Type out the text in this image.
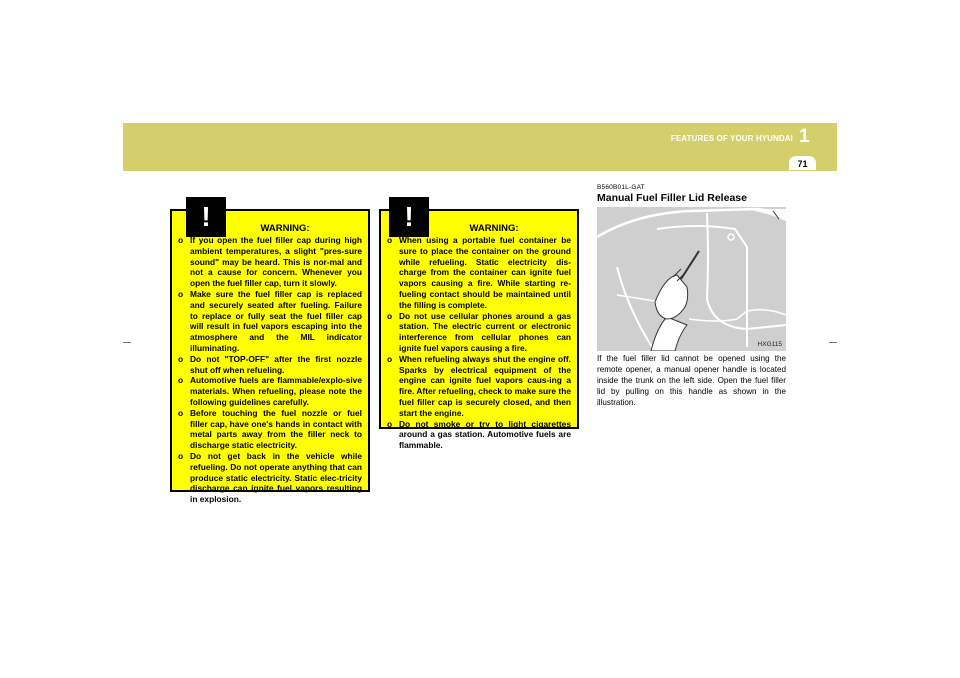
FEATURES OF YOUR HYUNDAI 1
71
!	WARNING:
o If you open the fuel filler cap during high ambient temperatures, a slight "pres-sure sound" may be heard. This is nor-mal and not a cause for concern. Whenever you open the fuel filler cap, turn it slowly.
o Make sure the fuel filler cap is replaced and securely seated after fueling. Failure to replace or fully seat the fuel filler cap will result in fuel vapors escaping into the atmosphere and the MIL indicator illuminating.
o Do not "TOP-OFF" after the first nozzle shut off when refueling.
o Automotive fuels are flammable/explo-sive materials. When refueling, please note the following guidelines carefully.
o Before touching the fuel nozzle or fuel filler cap, have one's hands in contact with metal parts away from the filler neck to discharge static electricity.
o Do not get back in the vehicle while refueling. Do not operate anything that can produce static electricity. Static elec-tricity discharge can ignite fuel vapors resulting in explosion.
!	WARNING:
o When using a portable fuel container be sure to place the container on the ground while refueling. Static electricity dis-charge from the container can ignite fuel vapors causing a fire. While starting re-fueling contact should be maintained until the filling is complete.
o Do not use cellular phones around a gas station. The electric current or electronic interference from cellular phones can ignite fuel vapors causing a fire.
o When refueling always shut the engine off. Sparks by electrical equipment of the engine can ignite fuel vapors caus-ing a fire. After refueling, check to make sure the fuel filler cap is securely closed, and then start the engine.
o Do not smoke or try to light cigarettes around a gas station. Automotive fuels are flammable.
B560B01L-GAT
Manual Fuel Filler Lid Release
HXG115
If the fuel filler lid cannot be opened using the remote opener, a manual opener handle is located inside the trunk on the left side. Open the fuel filler lid by pulling on this handle as shown in the illustration.
